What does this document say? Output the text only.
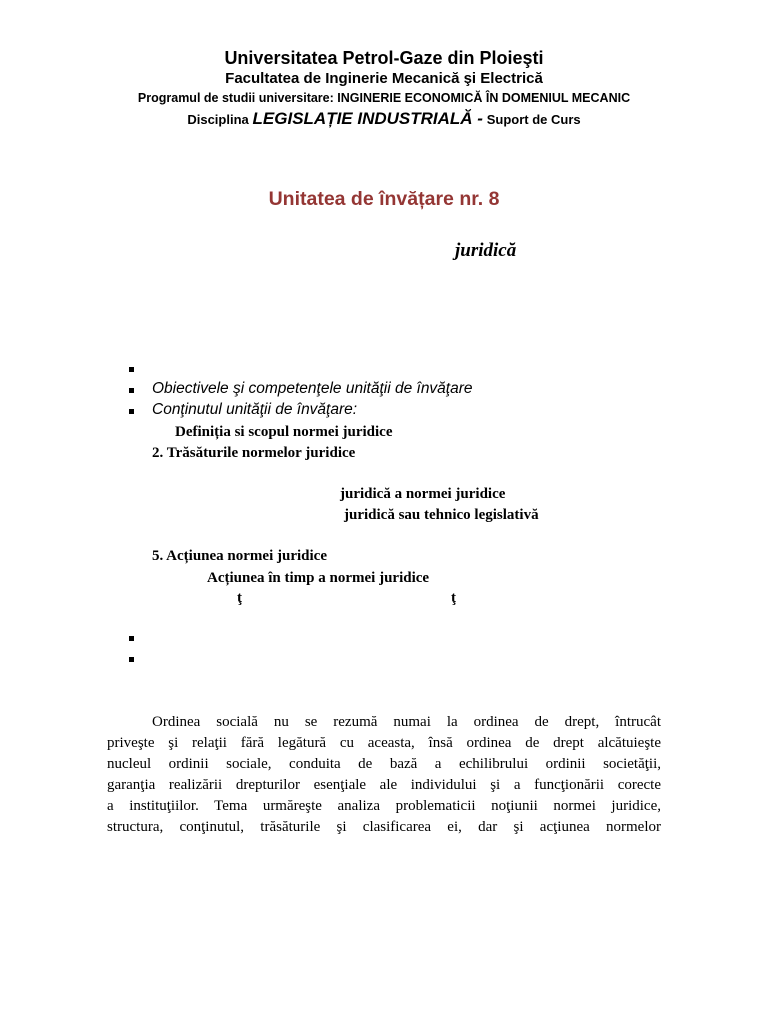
Universitatea Petrol-Gaze din Ploieşti
Facultatea de Inginerie Mecanică şi Electrică
Programul de studii universitare: INGINERIE ECONOMICĂ ÎN DOMENIUL MECANIC
Disciplina LEGISLAȚIE INDUSTRIALĂ - Suport de Curs
Unitatea de învățare nr. 8
juridică
Obiectivele şi competenţele unităţii de învăţare
Conţinutul unităţii de învăţare:
Definiția si scopul normei juridice
2. Trăsăturile normelor juridice
juridică a normei juridice
juridică sau tehnico legislativă
5. Acțiunea normei juridice
Acțiunea în timp a normei juridice
ţ	ţ
Ordinea socială nu se rezumă numai la ordinea de drept, întrucât
priveşte şi relaţii fără legătură cu aceasta, însă ordinea de drept alcătuieşte
nucleul ordinii sociale, conduita de bază a echilibrului ordinii societăţii,
garanţia realizării drepturilor esenţiale ale individului şi a funcţionării corecte
a instituţiilor. Tema urmăreşte analiza problematicii noţiunii normei juridice,
structura, conţinutul, trăsăturile şi clasificarea ei, dar şi acţiunea normelor
